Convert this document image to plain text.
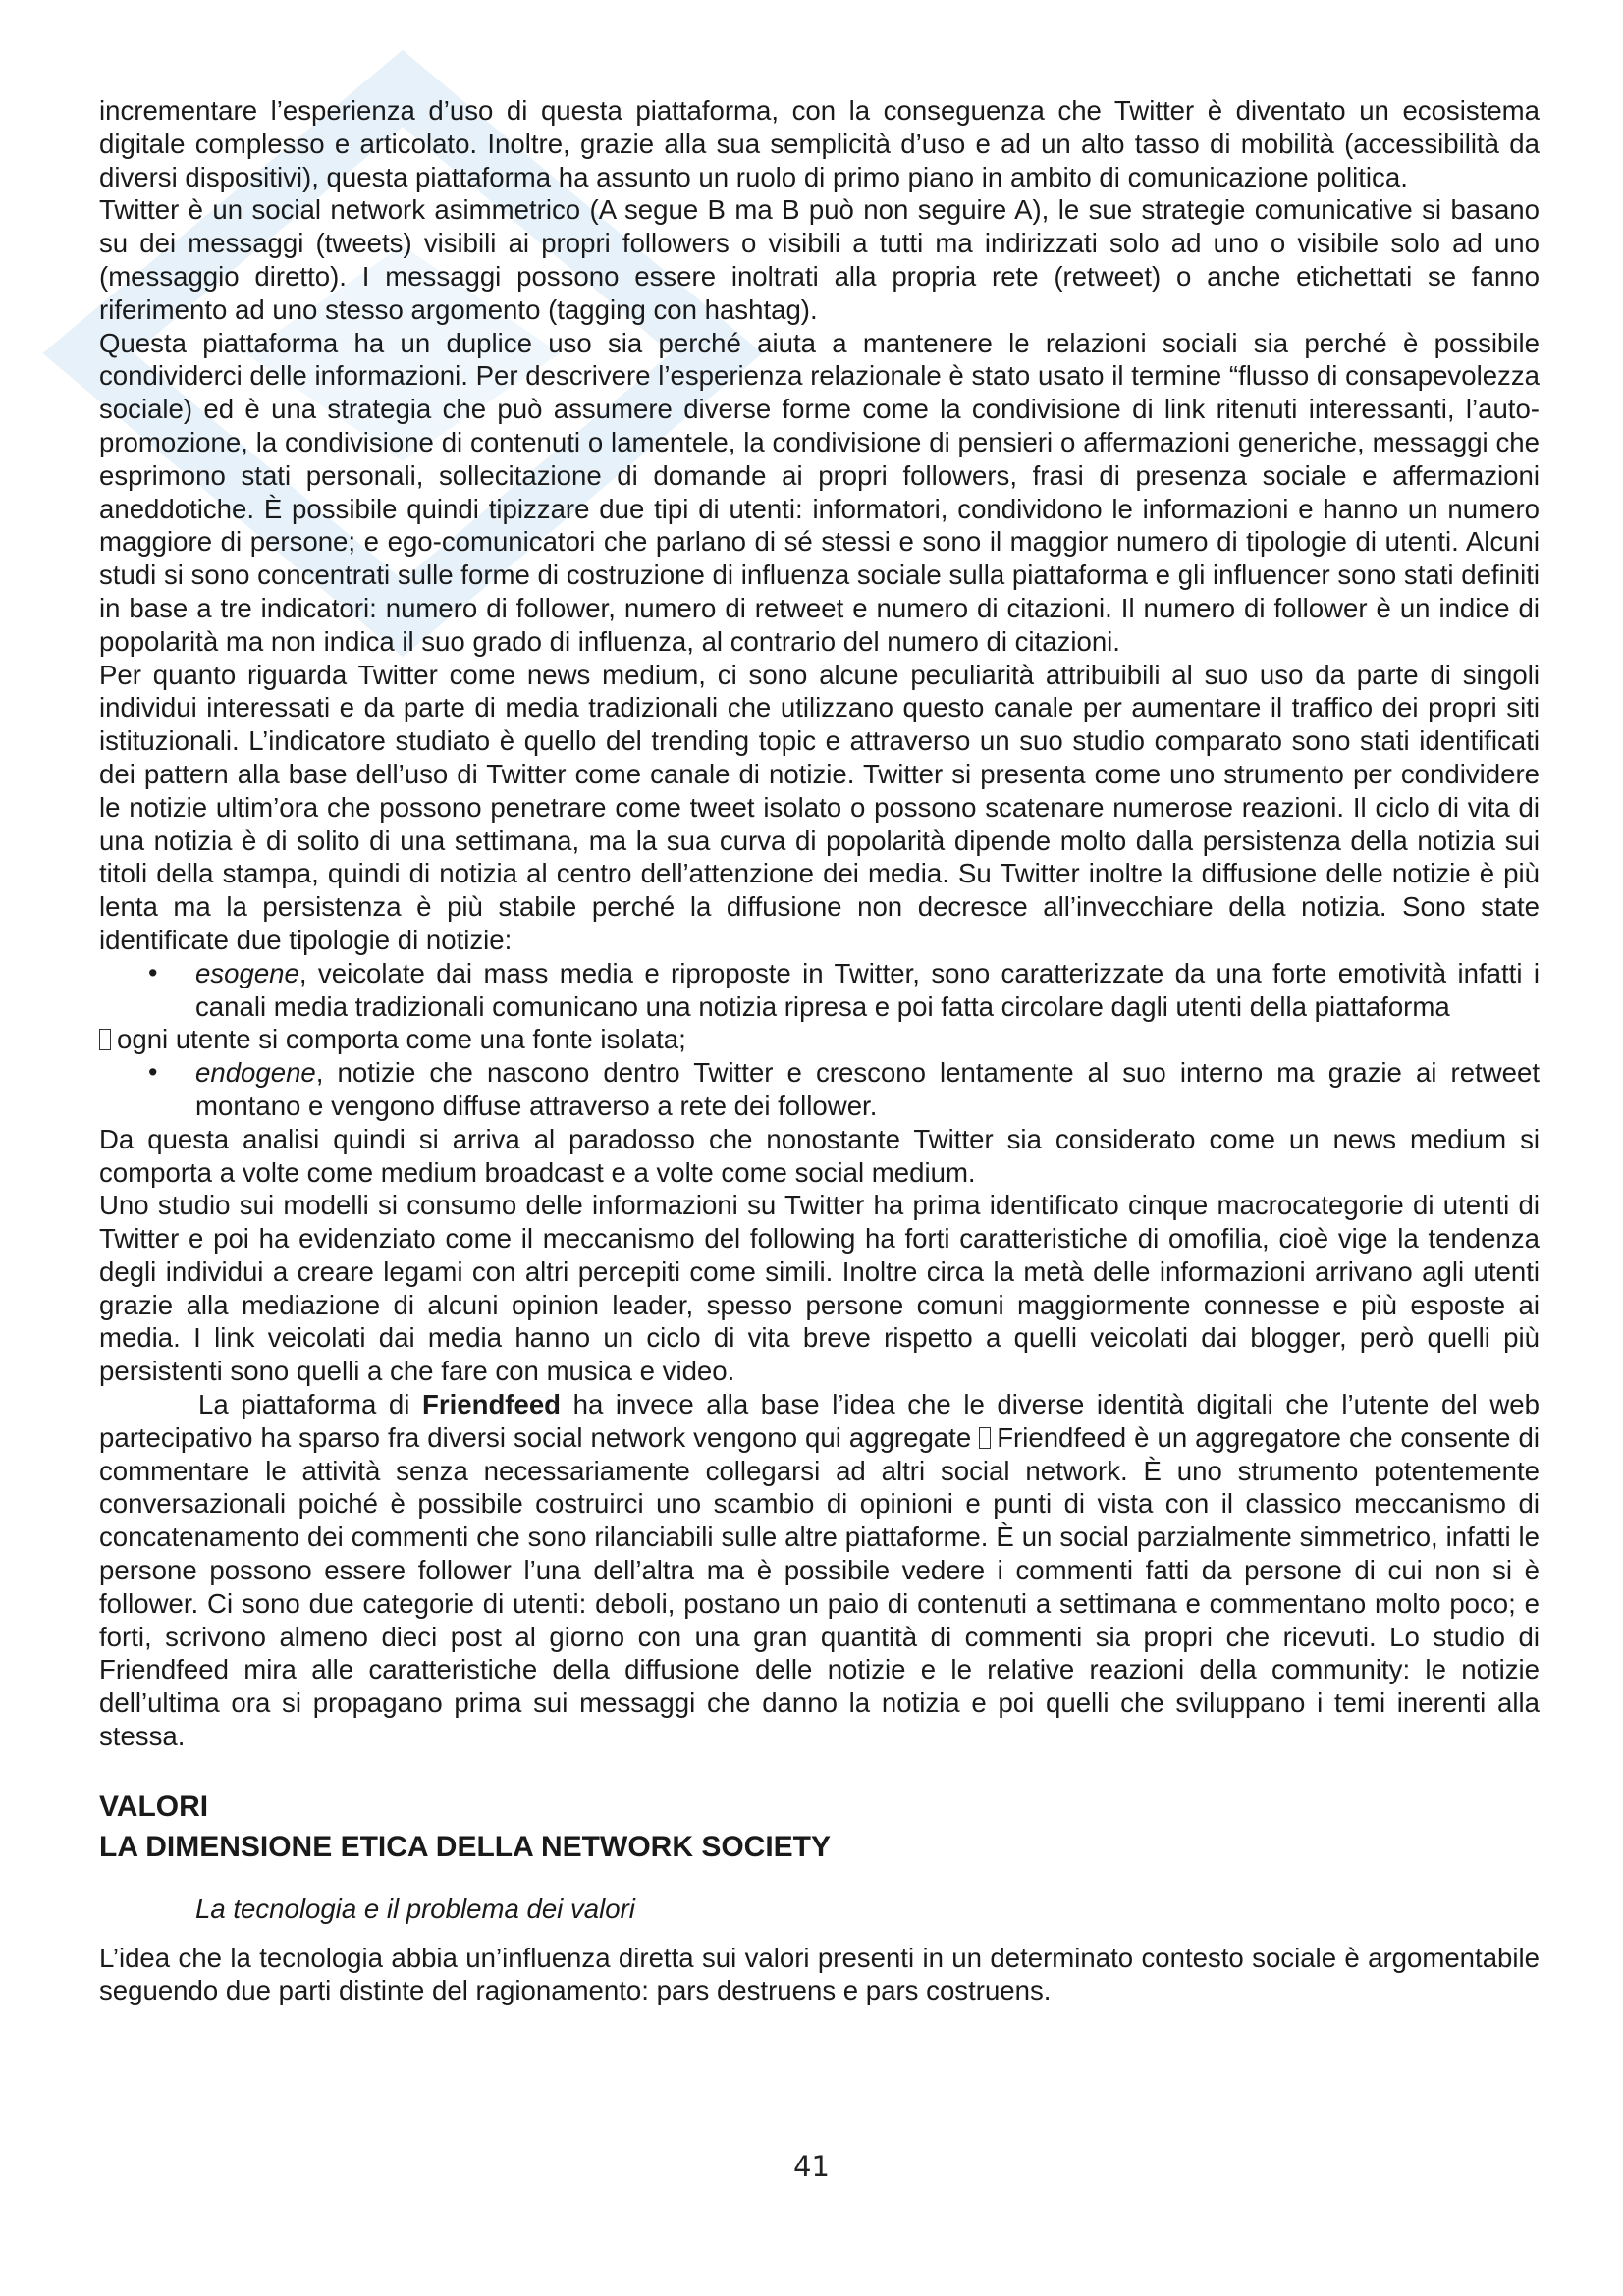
incrementare l’esperienza d’uso di questa piattaforma, con la conseguenza che Twitter è diventato un ecosistema digitale complesso e articolato. Inoltre, grazie alla sua semplicità d’uso e ad un alto tasso di mobilità (accessibilità da diversi dispositivi), questa piattaforma ha assunto un ruolo di primo piano in ambito di comunicazione politica.

Twitter è un social network asimmetrico (A segue B ma B può non seguire A), le sue strategie comunicative si basano su dei messaggi (tweets) visibili ai propri followers o visibili a tutti ma indirizzati solo ad uno o visibile solo ad uno (messaggio diretto). I messaggi possono essere inoltrati alla propria rete (retweet) o anche etichettati se fanno riferimento ad uno stesso argomento (tagging con hashtag).

Questa piattaforma ha un duplice uso sia perché aiuta a mantenere le relazioni sociali sia perché è possibile condividerci delle informazioni. Per descrivere l’esperienza relazionale è stato usato il termine “flusso di consapevolezza sociale) ed è una strategia che può assumere diverse forme come la condivisione di link ritenuti interessanti, l’auto-promozione, la condivisione di contenuti o lamentele, la condivisione di pensieri o affermazioni generiche, messaggi che esprimono stati personali, sollecitazione di domande ai propri followers, frasi di presenza sociale e affermazioni aneddotiche. È possibile quindi tipizzare due tipi di utenti: informatori, condividono le informazioni e hanno un numero maggiore di persone; e ego-comunicatori che parlano di sé stessi e sono il maggior numero di tipologie di utenti. Alcuni studi si sono concentrati sulle forme di costruzione di influenza sociale sulla piattaforma e gli influencer sono stati definiti in base a tre indicatori: numero di follower, numero di retweet e numero di citazioni. Il numero di follower è un indice di popolarità ma non indica il suo grado di influenza, al contrario del numero di citazioni.

Per quanto riguarda Twitter come news medium, ci sono alcune peculiarità attribuibili al suo uso da parte di singoli individui interessati e da parte di media tradizionali che utilizzano questo canale per aumentare il traffico dei propri siti istituzionali. L’indicatore studiato è quello del trending topic e attraverso un suo studio comparato sono stati identificati dei pattern alla base dell’uso di Twitter come canale di notizie. Twitter si presenta come uno strumento per condividere le notizie ultim’ora che possono penetrare come tweet isolato o possono scatenare numerose reazioni. Il ciclo di vita di una notizia è di solito di una settimana, ma la sua curva di popolarità dipende molto dalla persistenza della notizia sui titoli della stampa, quindi di notizia al centro dell’attenzione dei media. Su Twitter inoltre la diffusione delle notizie è più lenta ma la persistenza è più stabile perché la diffusione non decresce all’invecchiare della notizia. Sono state identificate due tipologie di notizie:

•	esogene, veicolate dai mass media e riproposte in Twitter, sono caratterizzate da una forte emotività infatti i canali media tradizionali comunicano una notizia ripresa e poi fatta circolare dagli utenti della piattaforma
ogni utente si comporta come una fonte isolata;
•	endogene, notizie che nascono dentro Twitter e crescono lentamente al suo interno ma grazie ai retweet montano e vengono diffuse attraverso a rete dei follower.

Da questa analisi quindi si arriva al paradosso che nonostante Twitter sia considerato come un news medium si comporta a volte come medium broadcast e a volte come social medium.

Uno studio sui modelli si consumo delle informazioni su Twitter ha prima identificato cinque macrocategorie di utenti di Twitter e poi ha evidenziato come il meccanismo del following ha forti caratteristiche di omofilia, cioè vige la tendenza degli individui a creare legami con altri percepiti come simili. Inoltre circa la metà delle informazioni arrivano agli utenti grazie alla mediazione di alcuni opinion leader, spesso persone comuni maggiormente connesse e più esposte ai media. I link veicolati dai media hanno un ciclo di vita breve rispetto a quelli veicolati dai blogger, però quelli più persistenti sono quelli a che fare con musica e video.

La piattaforma di Friendfeed ha invece alla base l’idea che le diverse identità digitali che l’utente del web partecipativo ha sparso fra diversi social network vengono qui aggregate Friendfeed è un aggregatore che consente di commentare le attività senza necessariamente collegarsi ad altri social network. È uno strumento potentemente conversazionali poiché è possibile costruirci uno scambio di opinioni e punti di vista con il classico meccanismo di concatenamento dei commenti che sono rilanciabili sulle altre piattaforme. È un social parzialmente simmetrico, infatti le persone possono essere follower l’una dell’altra ma è possibile vedere i commenti fatti da persone di cui non si è follower. Ci sono due categorie di utenti: deboli, postano un paio di contenuti a settimana e commentano molto poco; e forti, scrivono almeno dieci post al giorno con una gran quantità di commenti sia propri che ricevuti. Lo studio di Friendfeed mira alle caratteristiche della diffusione delle notizie e le relative reazioni della community: le notizie dell’ultima ora si propagano prima sui messaggi che danno la notizia e poi quelli che sviluppano i temi inerenti alla stessa.

VALORI

LA DIMENSIONE ETICA DELLA NETWORK SOCIETY

La tecnologia e il problema dei valori

L’idea che la tecnologia abbia un’influenza diretta sui valori presenti in un determinato contesto sociale è argomentabile seguendo due parti distinte del ragionamento: pars destruens e pars costruens.

41
